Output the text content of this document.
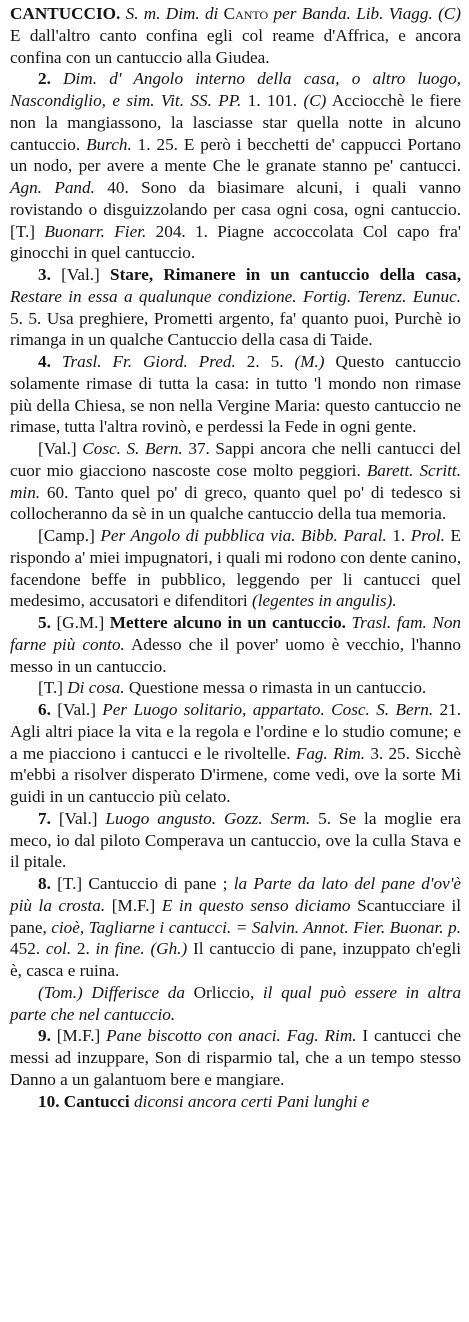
CANTUCCIO. S. m. Dim. di Canto per Banda. Lib. Viagg. (C) E dall'altro canto confina egli col reame d'Affrica, e ancora confina con un cantuccio alla Giudea.

2. Dim. d' Angolo interno della casa, o altro luogo, Nascondiglio, e sim. Vit. SS. PP. 1. 101. (C) Acciocchè le fiere non la mangiassono, la lasciasse star quella notte in alcuno cantuccio. Burch. 1. 25. E però i becchetti de' cappucci Portano un nodo, per avere a mente Che le granate stanno pe' cantucci. Agn. Pand. 40. Sono da biasimare alcuni, i quali vanno rovistando o disguizzolando per casa ogni cosa, ogni cantuccio. [T.] Buonarr. Fier. 204. 1. Piagne accoccolata Col capo fra' ginocchi in quel cantuccio.

3. [Val.] Stare, Rimanere in un cantuccio della casa, Restare in essa a qualunque condizione. Fortig. Terenz. Eunuc. 5. 5. Usa preghiere, Prometti argento, fa' quanto puoi, Purchè io rimanga in un qualche Cantuccio della casa di Taide.

4. Trasl. Fr. Giord. Pred. 2. 5. (M.) Questo cantuccio solamente rimase di tutta la casa: in tutto 'l mondo non rimase più della Chiesa, se non nella Vergine Maria: questo cantuccio ne rimase, tutta l'altra rovinò, e perdessi la Fede in ogni gente.

[Val.] Cosc. S. Bern. 37. Sappi ancora che nelli cantucci del cuor mio giacciono nascoste cose molto peggiori. Barett. Scritt. min. 60. Tanto quel po' di greco, quanto quel po' di tedesco si collocheranno da sè in un qualche cantuccio della tua memoria.

[Camp.] Per Angolo di pubblica via. Bibb. Paral. 1. Prol. E rispondo a' miei impugnatori, i quali mi rodono con dente canino, facendone beffe in pubblico, leggendo per li cantucci quel medesimo, accusatori e difenditori (legentes in angulis).

5. [G.M.] Mettere alcuno in un cantuccio. Trasl. fam. Non farne più conto. Adesso che il pover' uomo è vecchio, l'hanno messo in un cantuccio.

[T.] Di cosa. Questione messa o rimasta in un cantuccio.

6. [Val.] Per Luogo solitario, appartato. Cosc. S. Bern. 21. Agli altri piace la vita e la regola e l'ordine e lo studio comune; e a me piacciono i cantucci e le rivoltelle. Fag. Rim. 3. 25. Sicchè m'ebbi a risolver disperato D'irmene, come vedi, ove la sorte Mi guidi in un cantuccio più celato.

7. [Val.] Luogo angusto. Gozz. Serm. 5. Se la moglie era meco, io dal piloto Comperava un cantuccio, ove la culla Stava e il pitale.

8. [T.] Cantuccio di pane ; la Parte da lato del pane d'ov'è più la crosta. [M.F.] E in questo senso diciamo Scantucciare il pane, cioè, Tagliarne i cantucci. = Salvin. Annot. Fier. Buonar. p. 452. col. 2. in fine. (Gh.) Il cantuccio di pane, inzuppato ch'egli è, casca e ruina.

(Tom.) Differisce da Orliccio, il qual può essere in altra parte che nel cantuccio.

9. [M.F.] Pane biscotto con anaci. Fag. Rim. I cantucci che messi ad inzuppare, Son di risparmio tal, che a un tempo stesso Danno a un galantuom bere e mangiare.

10. Cantucci diconsi ancora certi Pani lunghi e
